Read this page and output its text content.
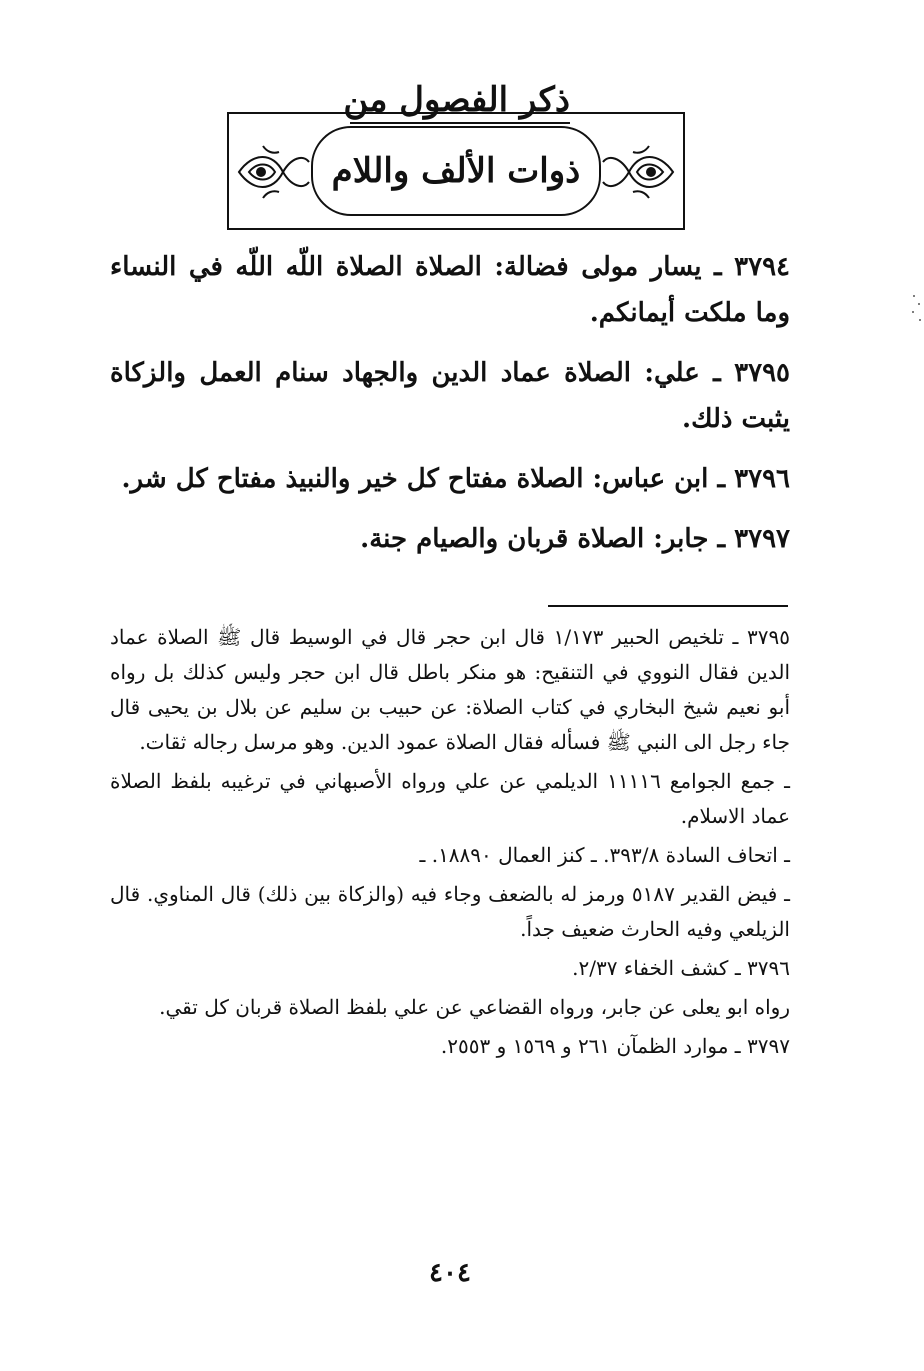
ذكر الفصول من
ذوات الألف واللام
٣٧٩٤ ـ يسار مولى فضالة: الصلاة الصلاة اللّه اللّه في النساء وما ملكت أيمانكم.
٣٧٩٥ ـ علي: الصلاة عماد الدين والجهاد سنام العمل والزكاة يثبت ذلك.
٣٧٩٦ ـ ابن عباس: الصلاة مفتاح كل خير والنبيذ مفتاح كل شر.
٣٧٩٧ ـ جابر: الصلاة قربان والصيام جنة.
٣٧٩٥ ـ تلخيص الحبير ١/١٧٣ قال ابن حجر قال في الوسيط قال ﷺ الصلاة عماد الدين فقال النووي في التنقيح: هو منكر باطل قال ابن حجر وليس كذلك بل رواه أبو نعيم شيخ البخاري في كتاب الصلاة: عن حبيب بن سليم عن بلال بن يحيى قال جاء رجل الى النبي ﷺ فسأله فقال الصلاة عمود الدين. وهو مرسل رجاله ثقات.
ـ جمع الجوامع ١١١١٦ الديلمي عن علي ورواه الأصبهاني في ترغيبه بلفظ الصلاة عماد الاسلام.
ـ اتحاف السادة ٣٩٣/٨. ـ كنز العمال ١٨٨٩٠. ـ
ـ فيض القدير ٥١٨٧ ورمز له بالضعف وجاء فيه (والزكاة بين ذلك) قال المناوي. قال الزيلعي وفيه الحارث ضعيف جداً.
٣٧٩٦ ـ كشف الخفاء ٢/٣٧.
رواه ابو يعلى عن جابر، ورواه القضاعي عن علي بلفظ الصلاة قربان كل تقي.
٣٧٩٧ ـ موارد الظمآن ٢٦١ و ١٥٦٩ و ٢٥٥٣.
٤٠٤
